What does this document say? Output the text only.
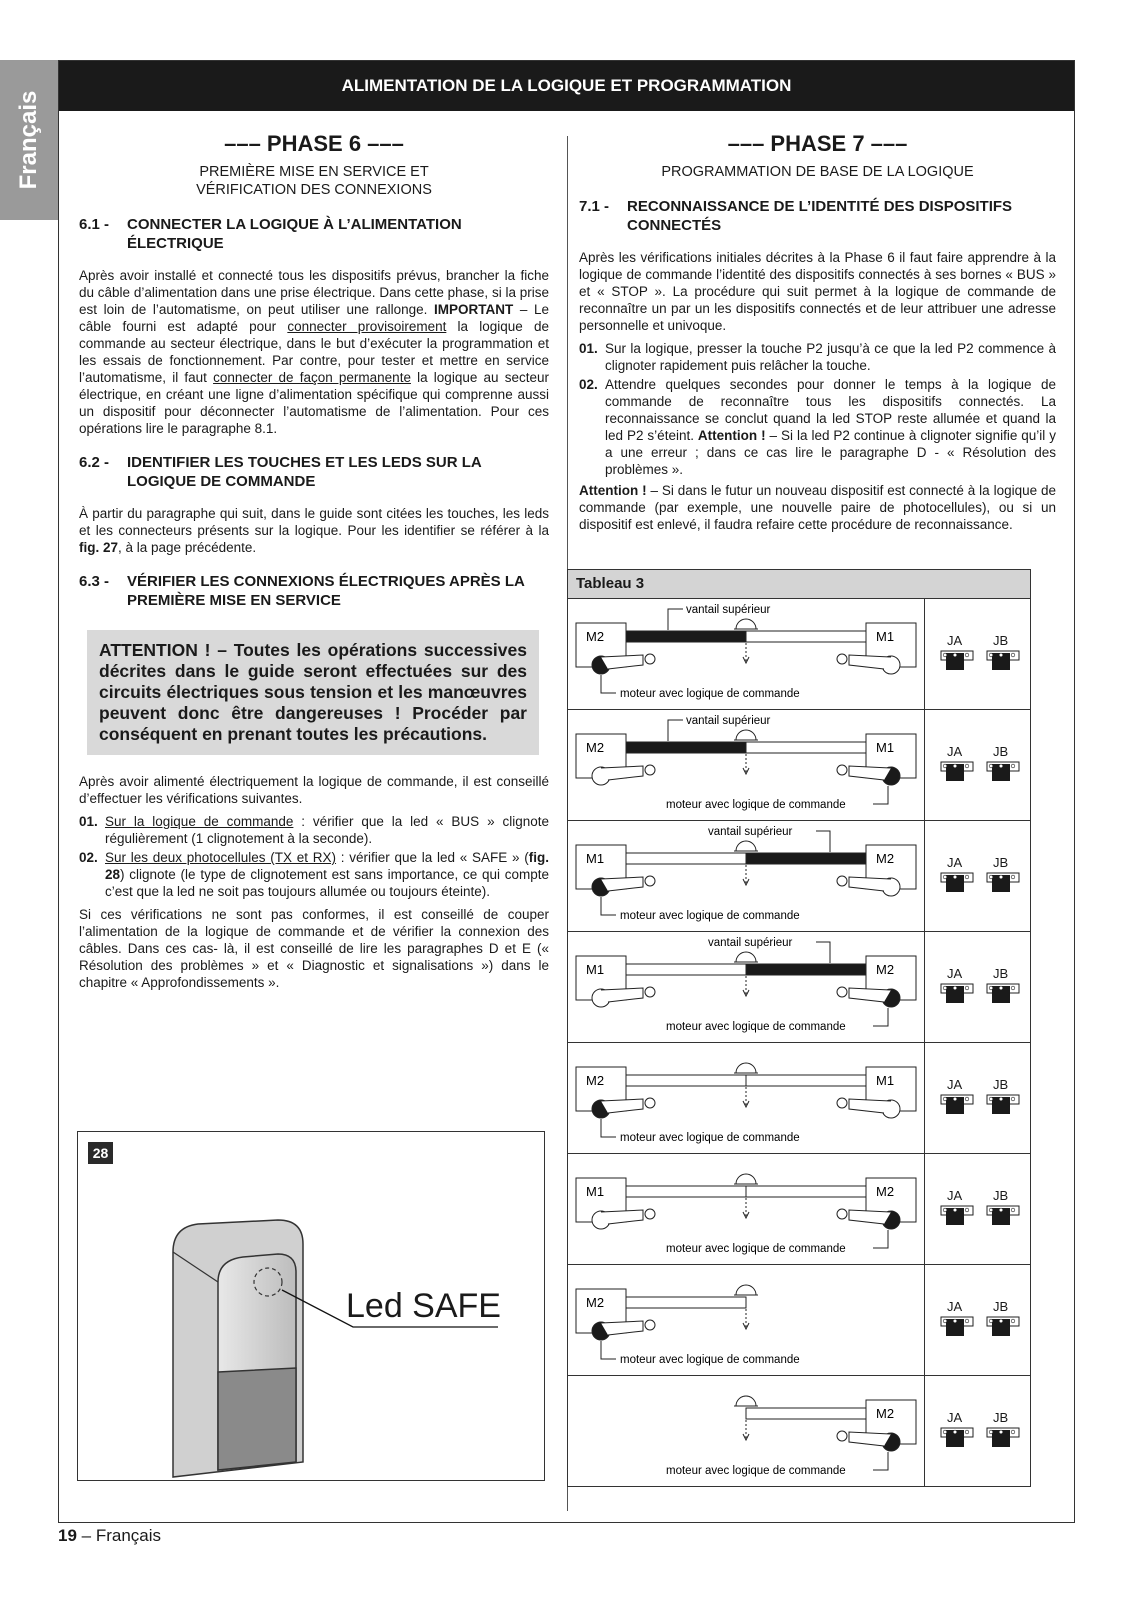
Français
ALIMENTATION DE LA LOGIQUE ET PROGRAMMATION
––– PHASE 6 –––
PREMIÈRE MISE EN SERVICE ET
VÉRIFICATION DES CONNEXIONS
6.1 -	CONNECTER LA LOGIQUE À L’ALIMENTATION ÉLECTRIQUE

Après avoir installé et connecté tous les dispositifs prévus, brancher la fiche du câble d’alimentation dans une prise électrique. Dans cette phase, si la prise est loin de l’automatisme, on peut utiliser une rallonge. IMPORTANT – Le câble fourni est adapté pour connecter provisoirement la logique de commande au secteur électrique, dans le but d’exécuter la programmation et les essais de fonctionnement. Par contre, pour tester et mettre en service l’automatisme, il faut connecter de façon permanente la logique au secteur électrique, en créant une ligne d’alimentation spécifique qui comprenne aussi un dispositif pour déconnecter l’automatisme de l’alimentation. Pour ces opérations lire le paragraphe 8.1.

6.2 -	IDENTIFIER LES TOUCHES ET LES LEDS SUR LA LOGIQUE DE COMMANDE

À partir du paragraphe qui suit, dans le guide sont citées les touches, les leds et les connecteurs présents sur la logique. Pour les identifier se référer à la fig. 27, à la page précédente.

6.3 -	VÉRIFIER LES CONNEXIONS ÉLECTRIQUES APRÈS LA PREMIÈRE MISE EN SERVICE
ATTENTION ! – Toutes les opérations successives décrites dans le guide seront effectuées sur des circuits électriques sous tension et les manœuvres peuvent donc être dangereuses ! Procéder par conséquent en prenant toutes les précautions.

Après avoir alimenté électriquement la logique de commande, il est conseillé d’effectuer les vérifications suivantes.

01. Sur la logique de commande : vérifier que la led « BUS » clignote régulièrement (1 clignotement à la seconde).
02. Sur les deux photocellules (TX et RX) : vérifier que la led « SAFE » (fig. 28) clignote (le type de clignotement est sans importance, ce qui compte c’est que la led ne soit pas toujours allumée ou toujours éteinte).

Si ces vérifications ne sont pas conformes, il est conseillé de couper l’alimentation de la logique de commande et de vérifier la connexion des câbles. Dans ces cas- là, il est conseillé de lire les paragraphes D et E (« Résolution des problèmes » et « Diagnostic et signalisations ») dans le chapitre « Approfondissements ».

28
Led SAFE
––– PHASE 7 –––
PROGRAMMATION DE BASE DE LA LOGIQUE
7.1 -	RECONNAISSANCE DE L’IDENTITÉ DES DISPOSITIFS CONNECTÉS

Après les vérifications initiales décrites à la Phase 6 il faut faire apprendre à la logique de commande l’identité des dispositifs connectés à ses bornes « BUS » et « STOP ». La procédure qui suit permet à la logique de commande de reconnaître un par un les dispositifs connectés et de leur attribuer une adresse personnelle et univoque.

01. Sur la logique, presser la touche P2 jusqu’à ce que la led P2 commence à clignoter rapidement puis relâcher la touche.
02. Attendre quelques secondes pour donner le temps à la logique de commande de reconnaître tous les dispositifs connectés. La reconnaissance se conclut quand la led STOP reste allumée et quand la led P2 s’éteint. Attention ! – Si la led P2 continue à clignoter signifie qu’il y a une erreur ; dans ce cas lire le paragraphe D - « Résolution des problèmes ».

Attention ! – Si dans le futur un nouveau dispositif est connecté à la logique de commande (par exemple, une nouvelle paire de photocellules), ou si un dispositif est enlevé, il faudra refaire cette procédure de reconnaissance.

Tableau 3
M2	M1
vantail supérieur
moteur avec logique de commande
JA JB
M2	M1
vantail supérieur
moteur avec logique de commande
JA JB
M1	M2
vantail supérieur
moteur avec logique de commande
JA JB
M1	M2
vantail supérieur
moteur avec logique de commande
JA JB
M2	M1
moteur avec logique de commande
JA JB
M1	M2
moteur avec logique de commande
JA JB
M2
moteur avec logique de commande
JA JB
M2
moteur avec logique de commande
JA JB
19 – Français
